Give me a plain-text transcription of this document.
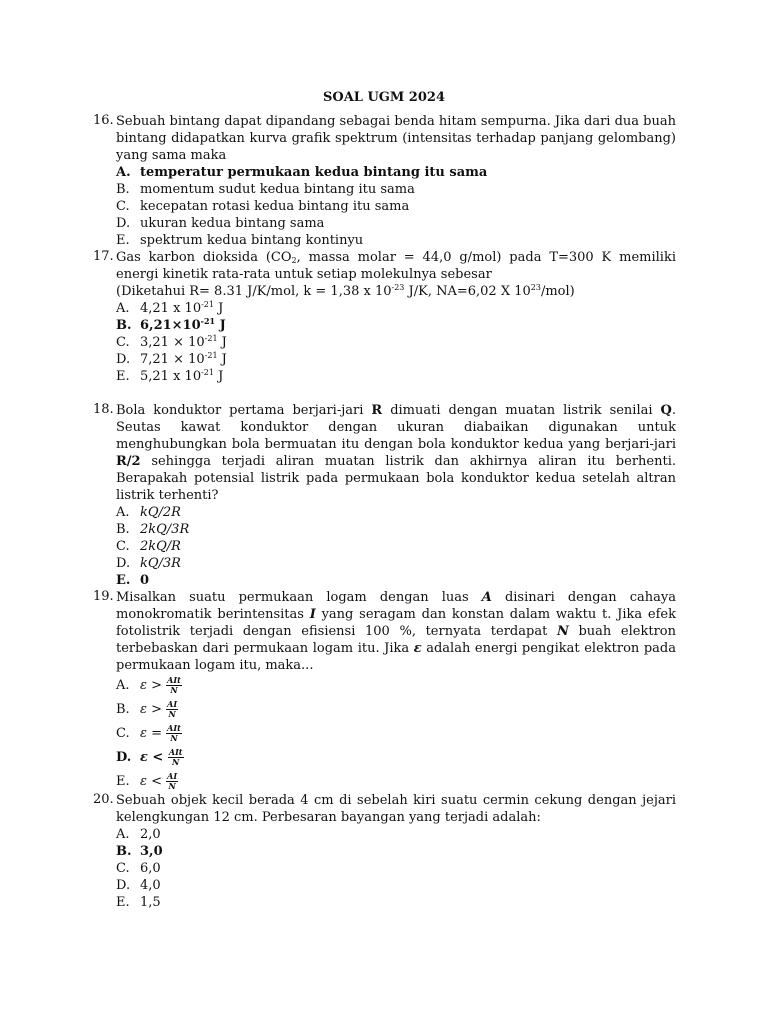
SOAL UGM 2024
16. Sebuah bintang dapat dipandang sebagai benda hitam sempurna. Jika dari dua buah bintang didapatkan kurva grafik spektrum (intensitas terhadap panjang gelombang) yang sama maka

A. temperatur permukaan kedua bintang itu sama
B. momentum sudut kedua bintang itu sama
C. kecepatan rotasi kedua bintang itu sama
D. ukuran kedua bintang sama
E. spektrum kedua bintang kontinyu
17. Gas karbon dioksida ($CO_2$, massa molar = 44,0 g/mol) pada T=300 K memiliki energi kinetik rata-rata untuk setiap molekulnya sebesar

(Diketahui R= 8.31 J/K/mol, k = 1,38 x $10^{-23}$ J/K, NA=6,02 X $10^{23}/mol$)

A. 4,21 x $10^{-21}$ J
B. $6,21\times 10^{-21}$ J
C. $3,21 \times 10^{-21}$ J
D. $7,21 \times 10^{-21}$ J
E. 5,21 x $10^{-21}$ J
18. Bola konduktor pertama berjari-jari R dimuati dengan muatan listrik senilai Q. Seutas kawat konduktor dengan ukuran diabaikan digunakan untuk menghubungkan bola bermuatan itu dengan bola konduktor kedua yang berjari-jari R/2 sehingga terjadi aliran muatan listrik dan akhirnya aliran itu berhenti. Berapakah potensial listrik pada permukaan bola konduktor kedua setelah altran listrik terhenti?

A. kQ/2R
B. 2kQ/3R
C. 2kQ/R
D. kQ/3R
E. 0
19. Misalkan suatu permukaan logam dengan luas A disinari dengan cahaya monokromatik berintensitas I yang seragam dan konstan dalam waktu t. Jika efek fotolistrik terjadi dengan efisiensi 100 %, ternyata terdapat N buah elektron terbebaskan dari permukaan logam itu. Jika ε adalah energi pengikat elektron pada permukaan logam itu, maka...

A. $\varepsilon > \frac{\text{AIt}}{N}$
B. $\varepsilon > \frac{AI}{N}$
C. $\varepsilon = \frac{\text{AIt}}{N}$
D. $\varepsilon < \frac{\text{AIt}}{N}$
E. $\varepsilon < \frac{AI}{N}$
20. Sebuah objek kecil berada 4 cm di sebelah kiri suatu cermin cekung dengan jejari kelengkungan 12 cm. Perbesaran bayangan yang terjadi adalah:

A. 2,0
B. 3,0
C. 6,0
D. 4,0
E. 1,5
